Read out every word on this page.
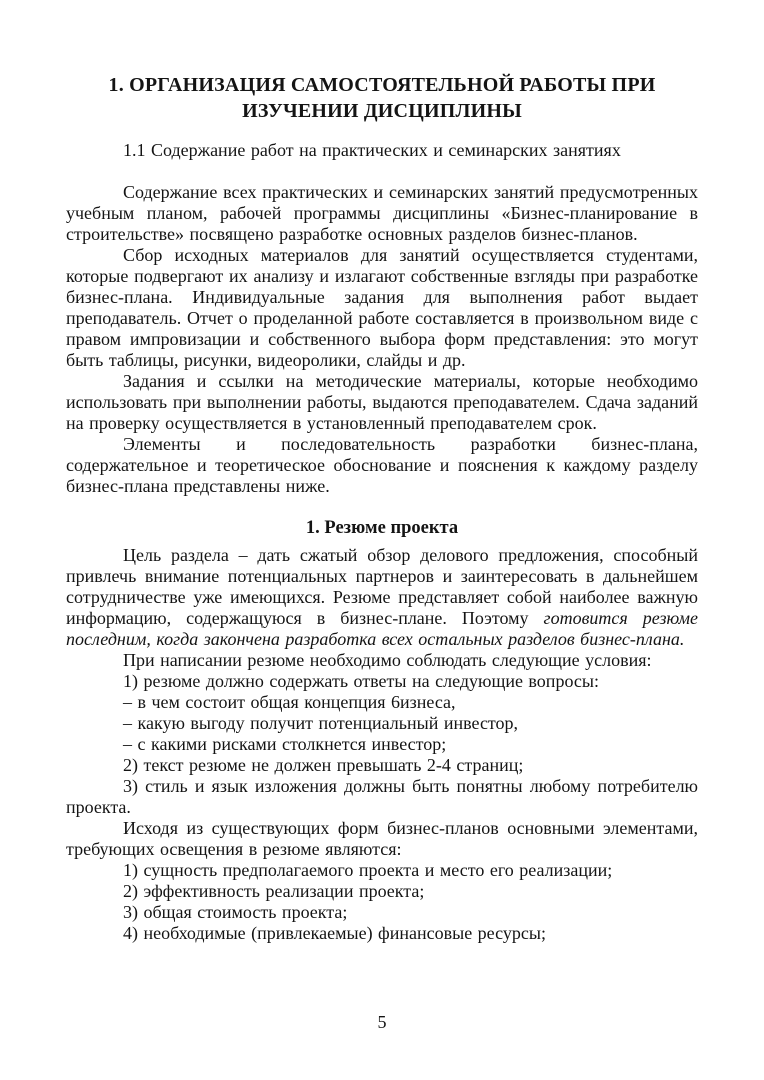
1. ОРГАНИЗАЦИЯ САМОСТОЯТЕЛЬНОЙ РАБОТЫ ПРИ
ИЗУЧЕНИИ ДИСЦИПЛИНЫ

1.1 Содержание работ на практических и семинарских занятиях

Содержание всех практических и семинарских занятий предусмотренных учебным планом, рабочей программы дисциплины «Бизнес-планирование в строительстве» посвящено разработке основных разделов бизнес-планов.

Сбор исходных материалов для занятий осуществляется студентами, которые подвергают их анализу и излагают собственные взгляды при разработке бизнес-плана. Индивидуальные задания для выполнения работ выдает преподаватель. Отчет о проделанной работе составляется в произвольном виде с правом импровизации и собственного выбора форм представления: это могут быть таблицы, рисунки, видеоролики, слайды и др.

Задания и ссылки на методические материалы, которые необходимо использовать при выполнении работы, выдаются преподавателем. Сдача заданий на проверку осуществляется в установленный преподавателем срок.

Элементы и последовательность разработки бизнес-плана, содержательное и теоретическое обоснование и пояснения к каждому разделу бизнес-плана представлены ниже.

1. Резюме проекта

Цель раздела – дать сжатый обзор делового предложения, способный привлечь внимание потенциальных партнеров и заинтересовать в дальнейшем сотрудничестве уже имеющихся. Резюме представляет собой наиболее важную информацию, содержащуюся в бизнес-плане. Поэтому готовится резюме последним, когда закончена разработка всех остальных разделов бизнес-плана.

При написании резюме необходимо соблюдать следующие условия:

1) резюме должно содержать ответы на следующие вопросы:

– в чем состоит общая концепция 6изнеса,

– какую выгоду получит потенциальный инвестор,

– с какими рисками столкнется инвестор;

2) текст резюме не должен превышать 2-4 страниц;

3) стиль и язык изложения должны быть понятны любому потребителю проекта.

Исходя из существующих форм бизнес-планов основными элементами, требующих освещения в резюме являются:

1) сущность предполагаемого проекта и место его реализации;

2) эффективность реализации проекта;

3) общая стоимость проекта;

4) необходимые (привлекаемые) финансовые ресурсы;

5
